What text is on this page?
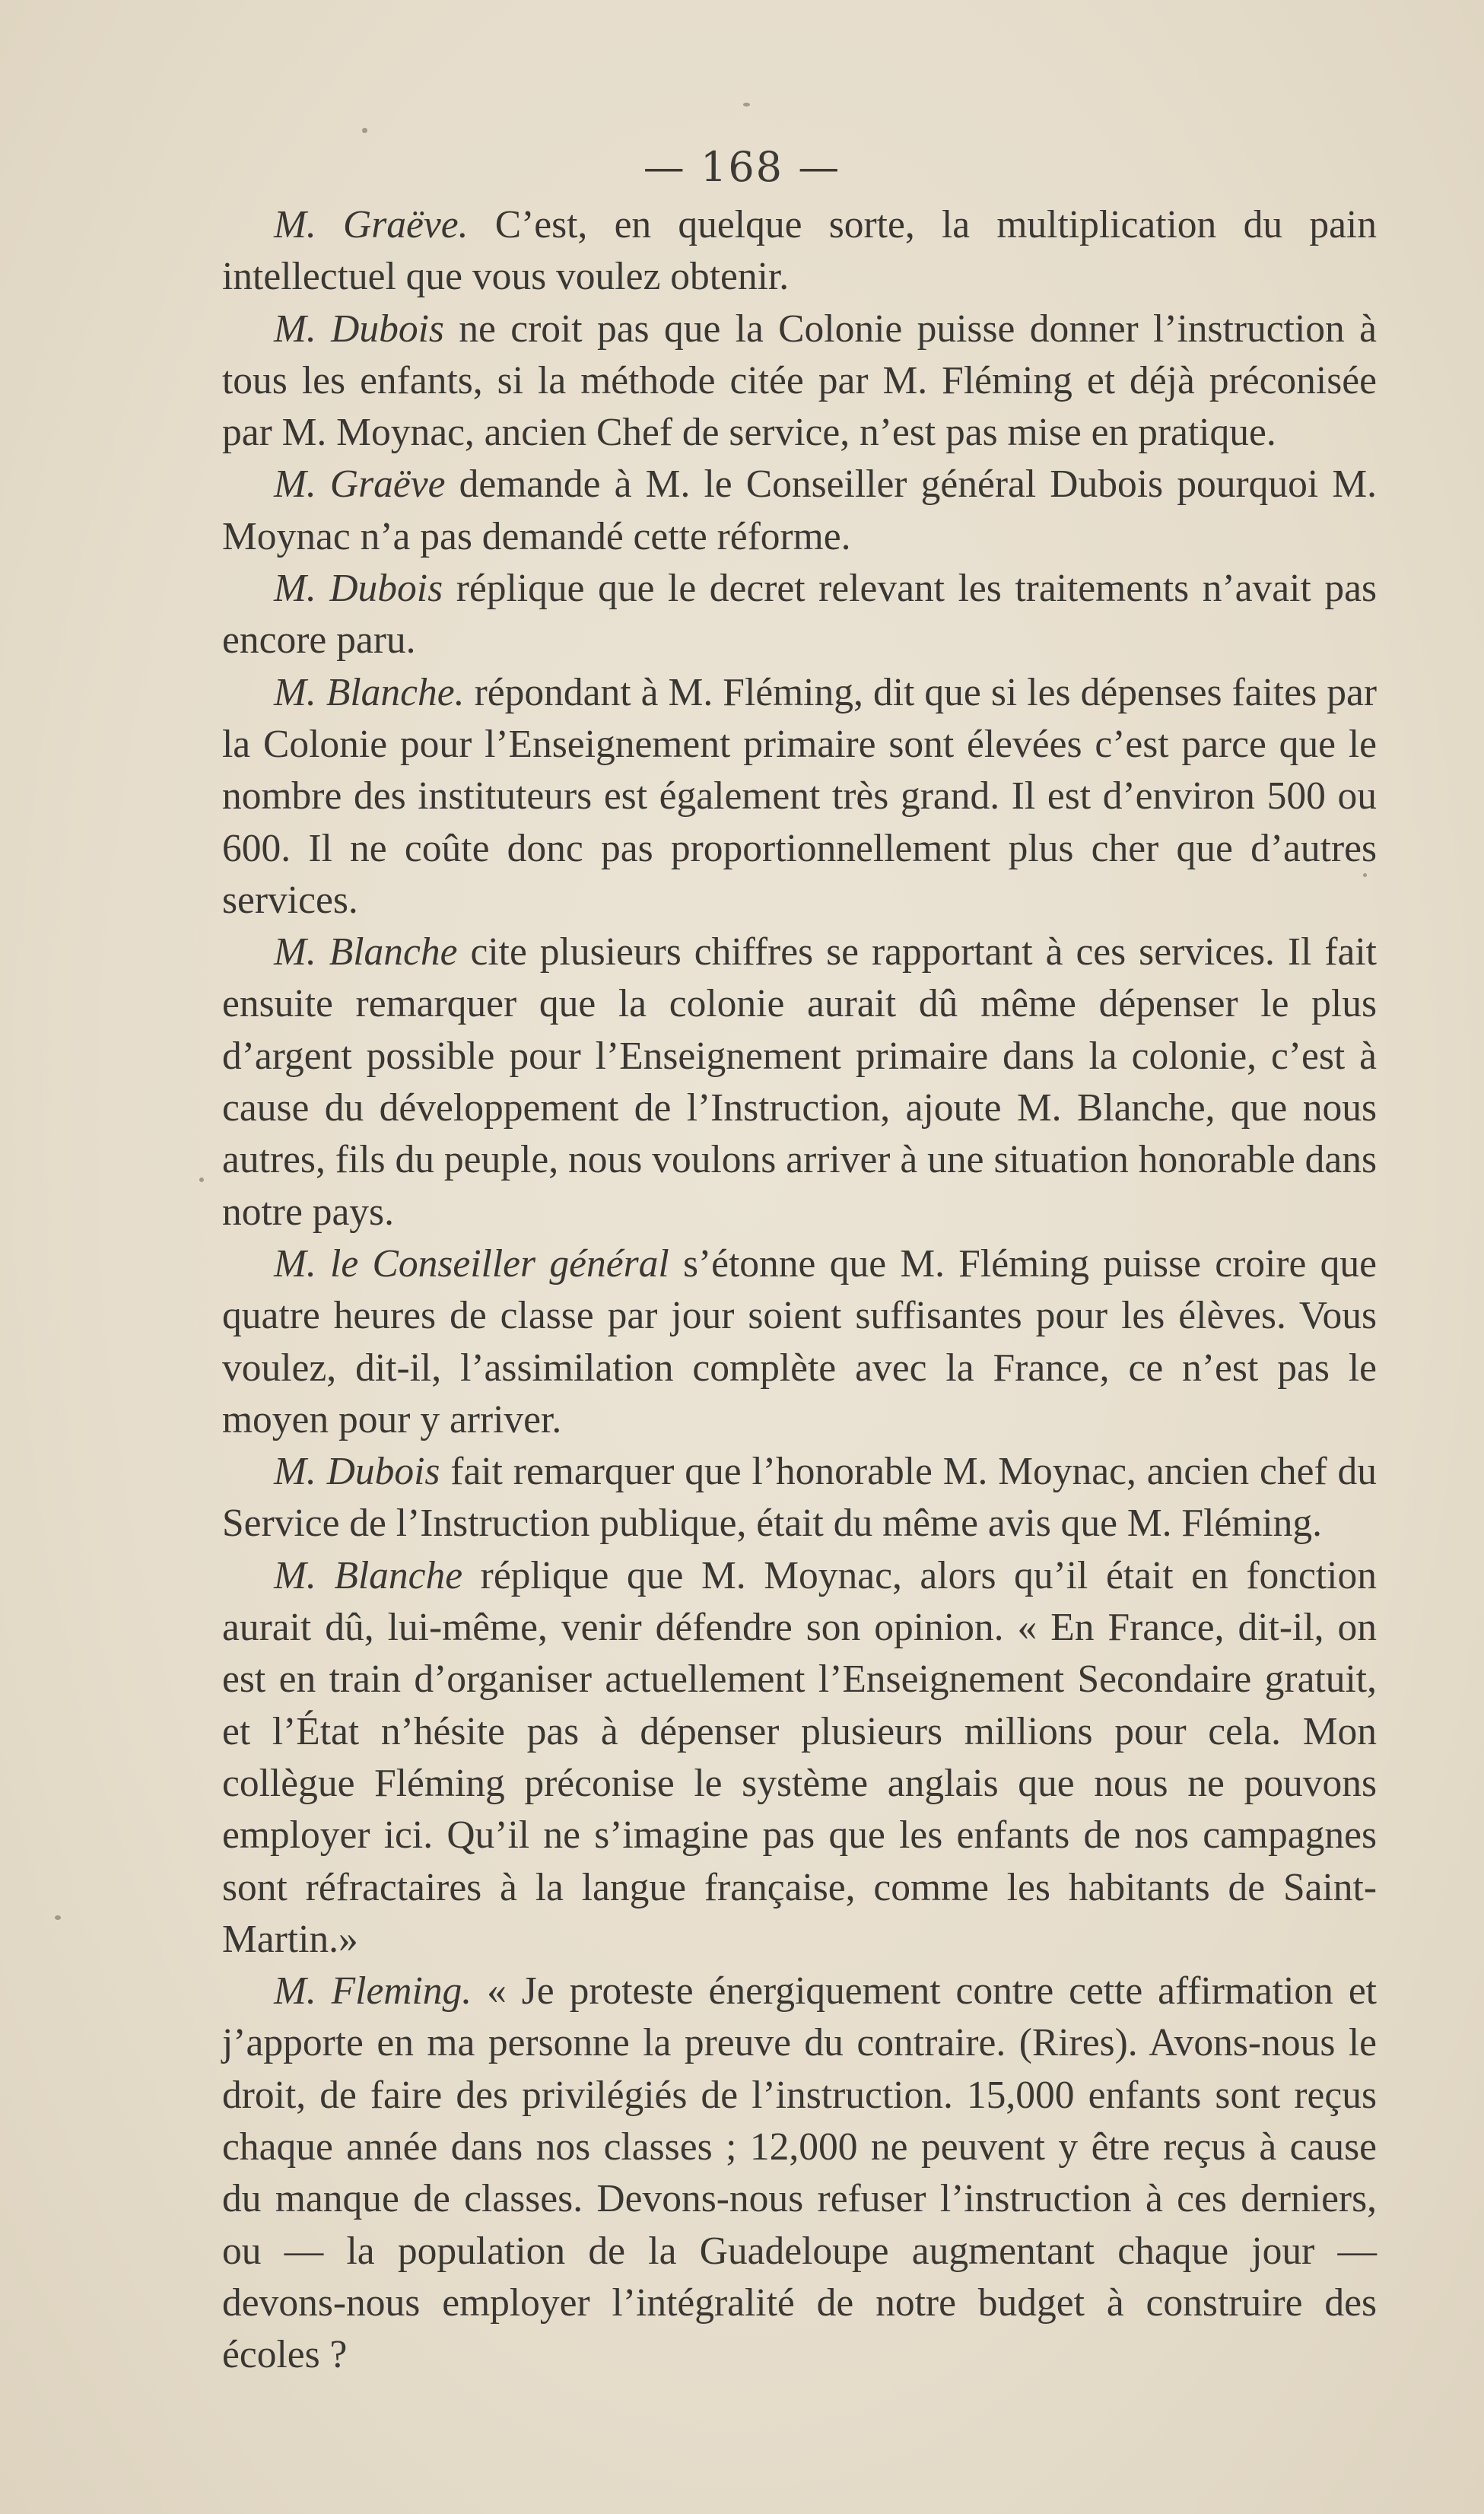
— 168 —

M. Graëve. C’est, en quelque sorte, la multiplication du pain intellectuel que vous voulez obtenir.

M. Dubois ne croit pas que la Colonie puisse donner l’instruction à tous les enfants, si la méthode citée par M. Fléming et déjà préconisée par M. Moynac, ancien Chef de service, n’est pas mise en pratique.

M. Graëve demande à M. le Conseiller général Dubois pourquoi M. Moynac n’a pas demandé cette réforme.

M. Dubois réplique que le decret relevant les traitements n’avait pas encore paru.

M. Blanche. répondant à M. Fléming, dit que si les dépenses faites par la Colonie pour l’Enseignement primaire sont élevées c’est parce que le nombre des instituteurs est également très grand. Il est d’environ 500 ou 600. Il ne coûte donc pas proportionnellement plus cher que d’autres services.

M. Blanche cite plusieurs chiffres se rapportant à ces services. Il fait ensuite remarquer que la colonie aurait dû même dépenser le plus d’argent possible pour l’Enseignement primaire dans la colonie, c’est à cause du développement de l’Instruction, ajoute M. Blanche, que nous autres, fils du peuple, nous voulons arriver à une situation honorable dans notre pays.

M. le Conseiller général s’étonne que M. Fléming puisse croire que quatre heures de classe par jour soient suffisantes pour les élèves. Vous voulez, dit-il, l’assimilation complète avec la France, ce n’est pas le moyen pour y arriver.

M. Dubois fait remarquer que l’honorable M. Moynac, ancien chef du Service de l’Instruction publique, était du même avis que M. Fléming.

M. Blanche réplique que M. Moynac, alors qu’il était en fonction aurait dû, lui-même, venir défendre son opinion. « En France, dit-il, on est en train d’organiser actuellement l’Enseignement Secondaire gratuit, et l’État n’hésite pas à dépenser plusieurs millions pour cela. Mon collègue Fléming préconise le système anglais que nous ne pouvons employer ici. Qu’il ne s’imagine pas que les enfants de nos campagnes sont réfractaires à la langue française, comme les habitants de Saint-Martin.»

M. Fleming. « Je proteste énergiquement contre cette affirmation et j’apporte en ma personne la preuve du contraire. (Rires). Avons-nous le droit, de faire des privilégiés de l’instruction. 15,000 enfants sont reçus chaque année dans nos classes ; 12,000 ne peuvent y être reçus à cause du manque de classes. Devons-nous refuser l’instruction à ces derniers, ou — la population de la Guadeloupe augmentant chaque jour — devons-nous employer l’intégralité de notre budget à construire des écoles ?
